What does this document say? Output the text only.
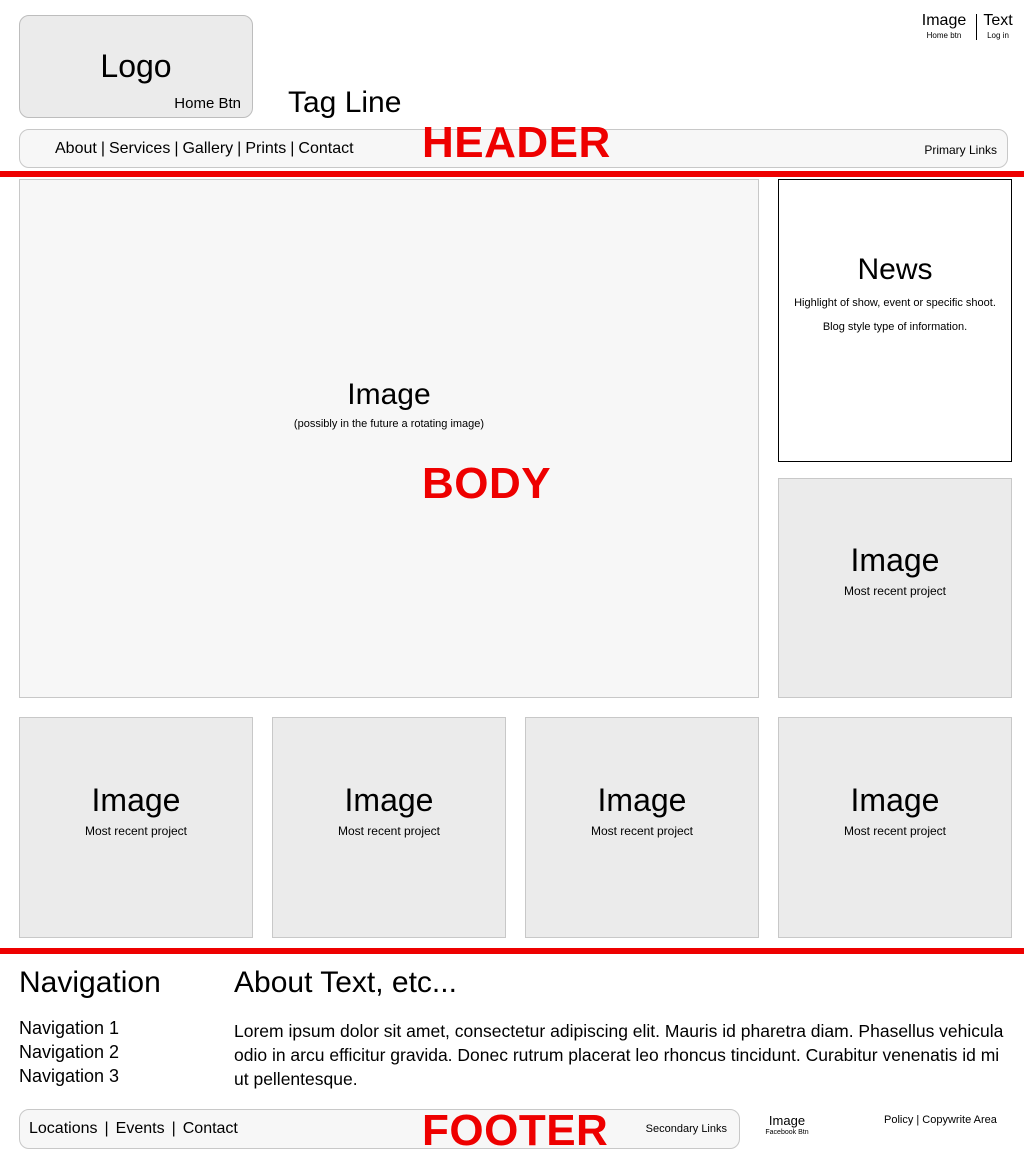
Logo
Home Btn Tag Line
Image
Home btn
Text
Log in
About | Services | Gallery | Prints | Contact	Primary Links
HEADER
Image
(possibly in the future a rotating image)
BODY
News
Highlight of show, event or specific shoot. Blog style type of information.
Image
Most recent project
Image
Most recent project
Image
Most recent project
Image
Most recent project
Image
Most recent project
Navigation
Navigation 1
Navigation 2
Navigation 3
About Text, etc...
Lorem ipsum dolor sit amet, consectetur adipiscing elit. Mauris id pharetra diam. Phasellus vehicula odio in arcu efficitur gravida. Donec rutrum placerat leo rhoncus tincidunt. Curabitur venenatis id mi ut pellentesque.
Locations | Events | Contact	Secondary Links
FOOTER	Image
Facebook Btn
Policy | Copywrite Area
